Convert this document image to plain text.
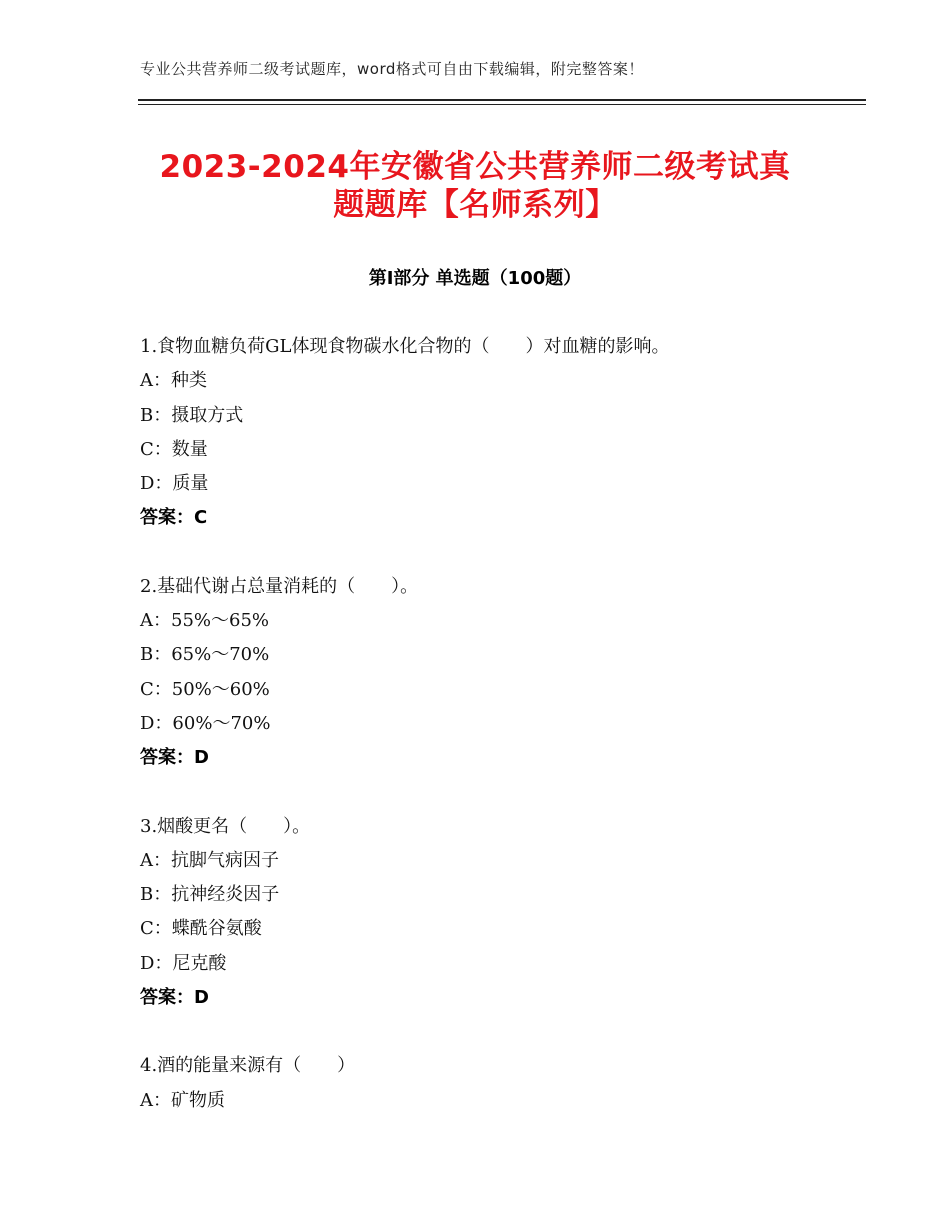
专业公共营养师二级考试题库，word格式可自由下载编辑，附完整答案！
2023-2024年安徽省公共营养师二级考试真
题题库【名师系列】
第Ⅰ部分 单选题（100题）
1.食物血糖负荷GL体现食物碳水化合物的（　　）对血糖的影响。
A：种类
B：摄取方式
C：数量
D：质量
答案：C
2.基础代谢占总量消耗的（　　）。
A：55%～65%
B：65%～70%
C：50%～60%
D：60%～70%
答案：D
3.烟酸更名（　　）。
A：抗脚气病因子
B：抗神经炎因子
C：蝶酰谷氨酸
D：尼克酸
答案：D
4.酒的能量来源有（　　）
A：矿物质
